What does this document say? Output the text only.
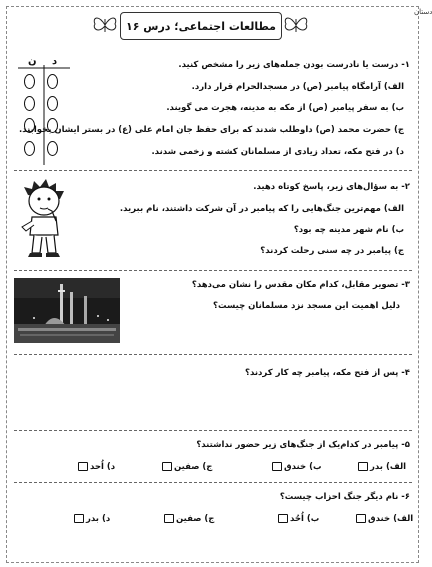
دستان
مطالعات اجتماعی؛ درس ۱۶
د
ن	۱- درست یا نادرست بودن جمله‌های زیر را مشخص کنید.
الف) آرامگاه پیامبر (ص) در مسجدالحرام قرار دارد.
ب) به سفر پیامبر (ص) از مکه به مدینه، هجرت می گویند.
ج) حضرت محمد (ص) داوطلب شدند که برای حفظ جان امام علی (ع) در بستر ایشان بخوابند.
د) در فتح مکه، تعداد زیادی از مسلمانان کشته و زخمی شدند.
۲- به سؤال‌های زیر، پاسخ کوتاه دهید.
الف) مهم‌ترین جنگ‌هایی را که پیامبر در آن شرکت داشتند، نام ببرید.
ب) نام شهر مدینه چه بود؟
ج) پیامبر در چه سنی رحلت کردند؟
۳- تصویر مقابل، کدام مکان مقدس را نشان می‌دهد؟
دلیل اهمیت این مسجد نزد مسلمانان چیست؟
۴- پس از فتح مکه، پیامبر چه کار کردند؟
۵- پیامبر در کدام‌یک از جنگ‌های زیر حضور نداشتند؟
الف) بدر
ب) خندق
ج) صفین
د) اُحد
۶- نام دیگر جنگ احزاب چیست؟
الف) خندق
ب) اُحُد
ج) صفین
د) بدر
